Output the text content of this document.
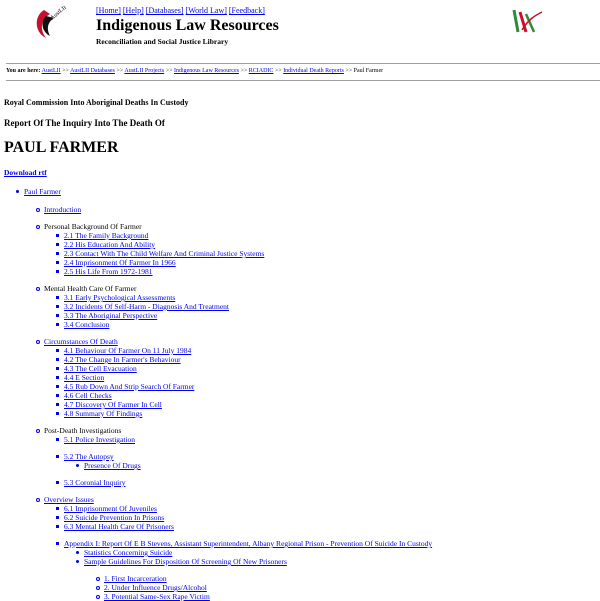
AustLII	[Home] [Help] [Databases] [World Law] [Feedback]
Indigenous Law Resources
Reconciliation and Social Justice Library
You are here: AustLII >> AustLII Databases >> AustLII Projects >> Indigenous Law Resources >> RCIADIC >> Individual Death Reports >> Paul Farmer
Royal Commission Into Aboriginal Deaths In Custody
Report Of The Inquiry Into The Death Of
PAUL FARMER
Download rtf
Paul Farmer
Introduction
Personal Background Of Farmer
2.1 The Family Background
2.2 His Education And Ability
2.3 Contact With The Child Welfare And Criminal Justice Systems
2.4 Imprisonment Of Farmer In 1966
2.5 His Life From 1972-1981
Mental Health Care Of Farmer
3.1 Early Psychological Assessments
3.2 Incidents Of Self-Harm - Diagnosis And Treatment
3.3 The Aboriginal Perspective
3.4 Conclusion
Circumstances Of Death
4.1 Behaviour Of Farmer On 11 July 1984
4.2 The Change In Farmer's Behaviour
4.3 The Cell Evacuation
4.4 E Section
4.5 Rub Down And Strip Search Of Farmer
4.6 Cell Checks
4.7 Discovery Of Farmer In Cell
4.8 Summary Of Findings
Post-Death Investigations
5.1 Police Investigation
5.2 The Autopsy
Presence Of Drugs
5.3 Coronial Inquiry
Overview Issues
6.1 Imprisonment Of Juveniles
6.2 Suicide Prevention In Prisons
6.3 Mental Health Care Of Prisoners
Appendix I: Report Of E B Stevens, Assistant Superintendent, Albany Regional Prison - Prevention Of Suicide In Custody
Statistics Concerning Suicide
Sample Guidelines For Disposition Of Screening Of New Prisoners
1. First Incarceration
2. Under Influence Drugs/Alcohol
3. Potential Same-Sex Rape Victim
